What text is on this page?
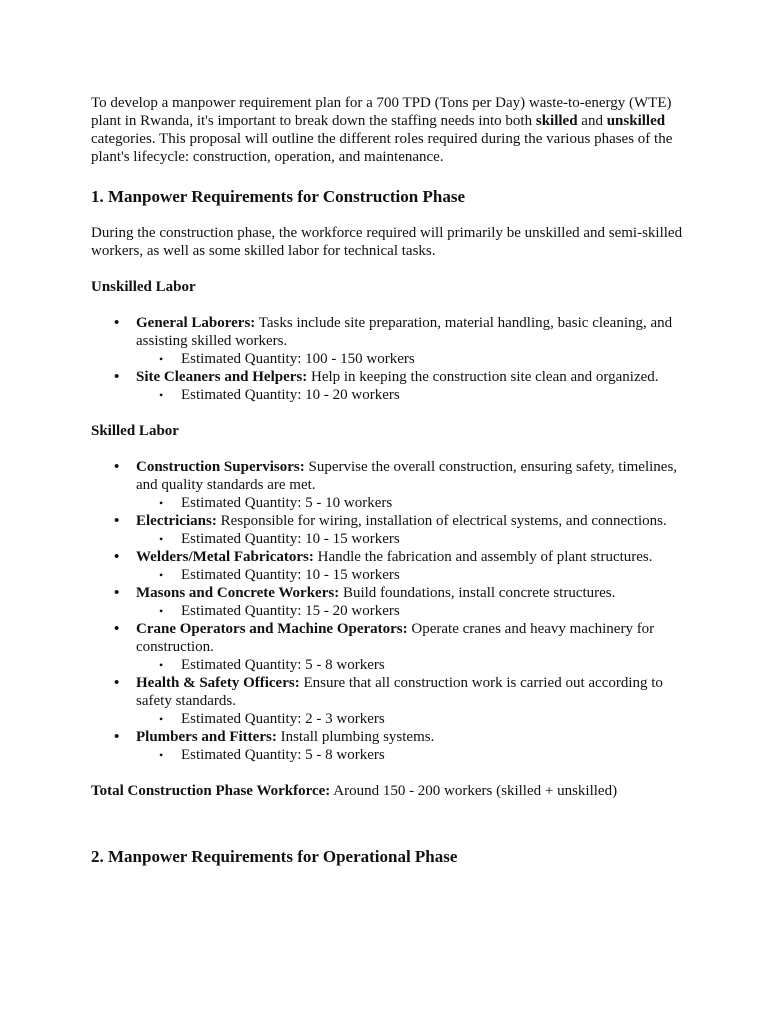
To develop a manpower requirement plan for a 700 TPD (Tons per Day) waste-to-energy (WTE) plant in Rwanda, it's important to break down the staffing needs into both skilled and unskilled categories. This proposal will outline the different roles required during the various phases of the plant's lifecycle: construction, operation, and maintenance.

1. Manpower Requirements for Construction Phase

During the construction phase, the workforce required will primarily be unskilled and semi-skilled workers, as well as some skilled labor for technical tasks.

Unskilled Labor

• General Laborers: Tasks include site preparation, material handling, basic cleaning, and assisting skilled workers.
• Estimated Quantity: 100 - 150 workers
• Site Cleaners and Helpers: Help in keeping the construction site clean and organized.
• Estimated Quantity: 10 - 20 workers

Skilled Labor

• Construction Supervisors: Supervise the overall construction, ensuring safety, timelines, and quality standards are met.
• Estimated Quantity: 5 - 10 workers
• Electricians: Responsible for wiring, installation of electrical systems, and connections.
• Estimated Quantity: 10 - 15 workers
• Welders/Metal Fabricators: Handle the fabrication and assembly of plant structures.
• Estimated Quantity: 10 - 15 workers
• Masons and Concrete Workers: Build foundations, install concrete structures.
• Estimated Quantity: 15 - 20 workers
• Crane Operators and Machine Operators: Operate cranes and heavy machinery for construction.
• Estimated Quantity: 5 - 8 workers
• Health & Safety Officers: Ensure that all construction work is carried out according to safety standards.
• Estimated Quantity: 2 - 3 workers
• Plumbers and Fitters: Install plumbing systems.
• Estimated Quantity: 5 - 8 workers

Total Construction Phase Workforce: Around 150 - 200 workers (skilled + unskilled)

2. Manpower Requirements for Operational Phase
